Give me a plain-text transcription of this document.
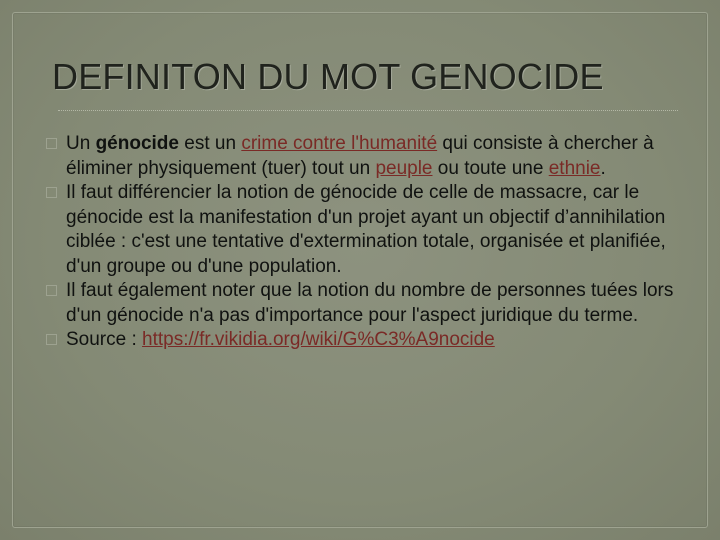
DEFINITON DU MOT GENOCIDE
Un génocide est un crime contre l'humanité qui consiste à chercher à éliminer physiquement (tuer) tout un peuple ou toute une ethnie.
Il faut différencier la notion de génocide de celle de massacre, car le génocide est la manifestation d'un projet ayant un objectif d’annihilation ciblée : c'est une tentative d'extermination totale, organisée et planifiée, d'un groupe ou d'une population.
Il faut également noter que la notion du nombre de personnes tuées lors d'un génocide n'a pas d'importance pour l'aspect juridique du terme.
Source : https://fr.vikidia.org/wiki/G%C3%A9nocide
